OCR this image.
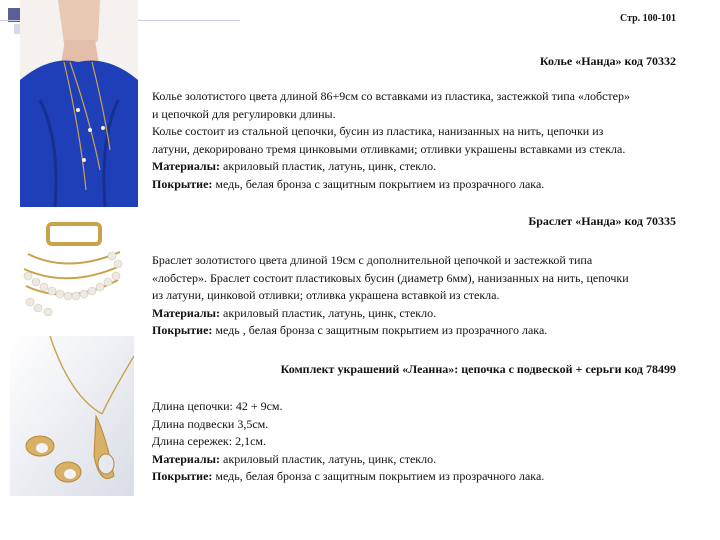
Стр. 100-101
Колье «Нанда» код 70332
Колье золотистого цвета длиной 86+9см со вставками из пластика, застежкой типа «лобстер»
и цепочкой для регулировки длины.
Колье состоит из стальной цепочки, бусин из пластика, нанизанных на нить, цепочки из
латуни, декорировано тремя цинковыми отливками; отливки украшены вставками из стекла.
Материалы: акриловый пластик, латунь, цинк, стекло.
Покрытие: медь, белая бронза с защитным покрытием из прозрачного лака.
Браслет «Нанда» код 70335
Браслет золотистого цвета длиной 19см с дополнительной цепочкой и застежкой типа
«лобстер». Браслет состоит пластиковых бусин (диаметр 6мм), нанизанных на нить, цепочки
из латуни, цинковой отливки; отливка украшена вставкой из стекла.
Материалы: акриловый пластик, латунь, цинк, стекло.
Покрытие: медь , белая бронза с защитным покрытием из прозрачного лака.
Комплект украшений «Леанна»: цепочка с подвеской + серьги код 78499
Длина цепочки: 42 + 9см.
Длина подвески 3,5см.
Длина сережек: 2,1см.
Материалы: акриловый пластик, латунь, цинк, стекло.
Покрытие: медь, белая бронза с защитным покрытием из прозрачного лака.
